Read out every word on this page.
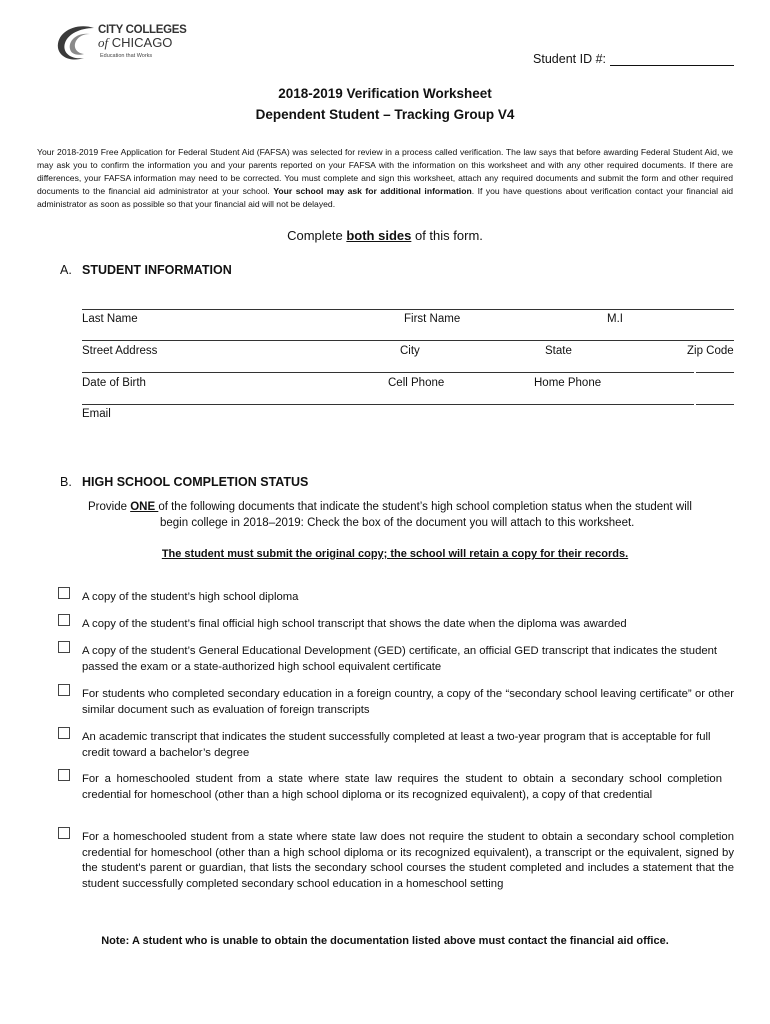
CITY COLLEGES
of CHICAGO
Education that Works	Student ID #:
2018-2019 Verification Worksheet
Dependent Student – Tracking Group V4
Your 2018-2019 Free Application for Federal Student Aid (FAFSA) was selected for review in a process called verification. The law says that before awarding Federal Student Aid, we may ask you to confirm the information you and your parents reported on your FAFSA with the information on this worksheet and with any other required documents. If there are differences, your FAFSA information may need to be corrected. You must complete and sign this worksheet, attach any required documents and submit the form and other required documents to the financial aid administrator at your school. Your school may ask for additional information. If you have questions about verification contact your financial aid administrator as soon as possible so that your financial aid will not be delayed.
Complete both sides of this form.
A. STUDENT INFORMATION
Last Name	First Name	M.I
Street Address	City	State	Zip Code
Date of Birth	Cell Phone	Home Phone
Email
B. HIGH SCHOOL COMPLETION STATUS
Provide ONE of the following documents that indicate the student’s high school completion status when the student will
begin college in 2018–2019: Check the box of the document you will attach to this worksheet.
The student must submit the original copy; the school will retain a copy for their records.
A copy of the student’s high school diploma
A copy of the student’s final official high school transcript that shows the date when the diploma was awarded
A copy of the student’s General Educational Development (GED) certificate, an official GED transcript that indicates the student passed the exam or a state-authorized high school equivalent certificate
For students who completed secondary education in a foreign country, a copy of the “secondary school leaving certificate” or other similar document such as evaluation of foreign transcripts
An academic transcript that indicates the student successfully completed at least a two-year program that is acceptable for full credit toward a bachelor’s degree
For a homeschooled student from a state where state law requires the student to obtain a secondary school completion credential for homeschool (other than a high school diploma or its recognized equivalent), a copy of that credential
For a homeschooled student from a state where state law does not require the student to obtain a secondary school completion credential for homeschool (other than a high school diploma or its recognized equivalent), a transcript or the equivalent, signed by the student's parent or guardian, that lists the secondary school courses the student completed and includes a statement that the student successfully completed secondary school education in a homeschool setting
Note: A student who is unable to obtain the documentation listed above must contact the financial aid office.
